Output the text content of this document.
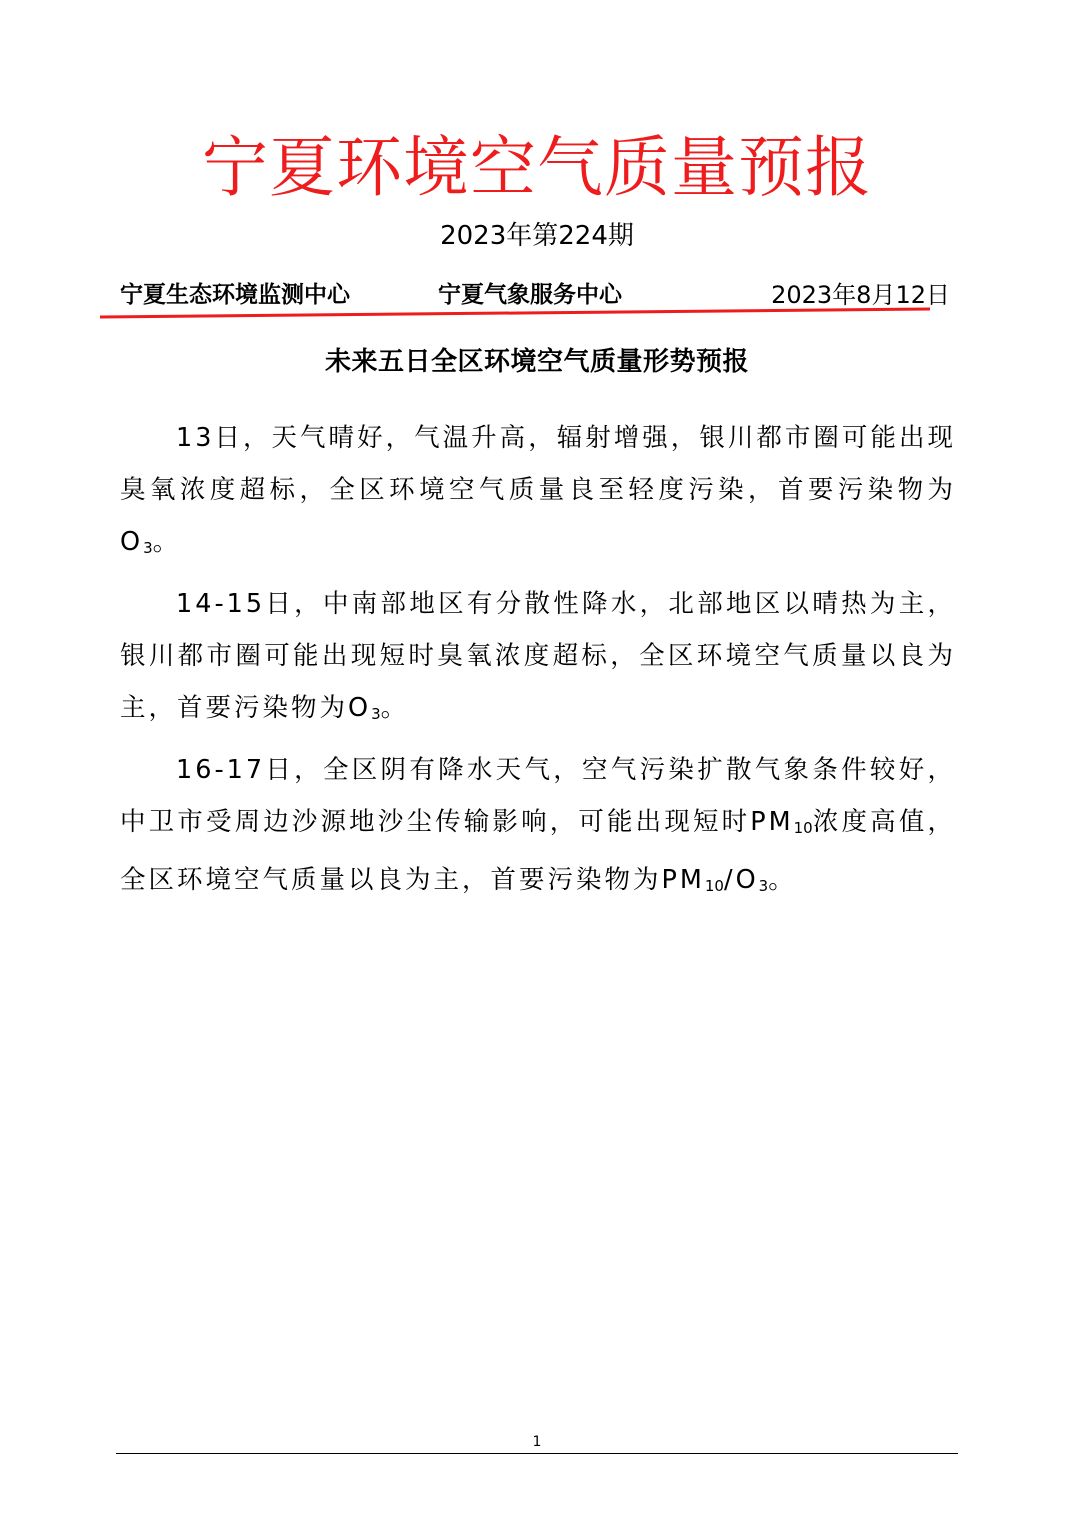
宁夏环境空气质量预报
2023年第224期
宁夏生态环境监测中心	宁夏气象服务中心	2023年8月12日
未来五日全区环境空气质量形势预报

13日，天气晴好，气温升高，辐射增强，银川都市圈可能出现臭氧浓度超标，全区环境空气质量良至轻度污染，首要污染物为$O_3$。

14-15日，中南部地区有分散性降水，北部地区以晴热为主，银川都市圈可能出现短时臭氧浓度超标，全区环境空气质量以良为主，首要污染物为$O_3$。

16-17日，全区阴有降水天气，空气污染扩散气象条件较好，中卫市受周边沙源地沙尘传输影响，可能出现短时$PM_{10}$浓度高值，全区环境空气质量以良为主，首要污染物为$PM_{10}/O_3$。

1
